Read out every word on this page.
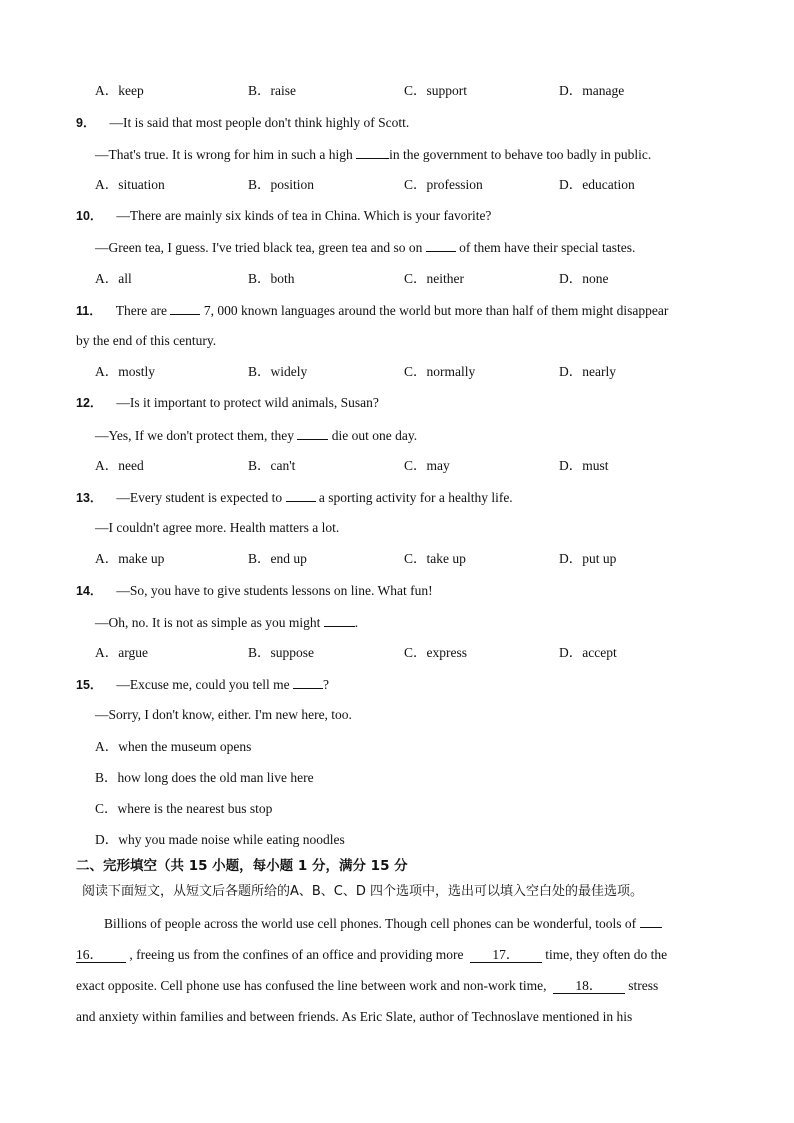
A．keep	B．raise	C．support	D．manage
9． —It is said that most people don't think highly of Scott.
—That's true. It is wrong for him in such a high in the government to behave too badly in public.
A．situation	B．position	C．profession	D．education
10． —There are mainly six kinds of tea in China. Which is your favorite?
—Green tea, I guess. I've tried black tea, green tea and so on  of them have their special tastes.
A．all	B．both	C．neither	D．none
11． There are  7, 000 known languages around the world but more than half of them might disappear
by the end of this century.
A．mostly	B．widely	C．normally	D．nearly
12． —Is it important to protect wild animals, Susan?
—Yes, If we don't protect them, they  die out one day.
A．need	B．can't	C．may	D．must
13． —Every student is expected to  a sporting activity for a healthy life.
—I couldn't agree more. Health matters a lot.
A．make up	B．end up	C．take up	D．put up
14． —So, you have to give students lessons on line. What fun!
—Oh, no. It is not as simple as you might .
A．argue	B．suppose	C．express	D．accept
15． —Excuse me, could you tell me ?
—Sorry, I don't know, either. I'm new here, too.
A．when the museum opens
B．how long does the old man live here
C．where is the nearest bus stop
D．why you made noise while eating noodles
二、完形填空（共 15 小题，每小题 1 分，满分 15 分
阅读下面短文，从短文后各题所给的A、B、C、D 四个选项中，选出可以填入空白处的最佳选项。
Billions of people across the world use cell phones. Though cell phones can be wonderful, tools of
16． , freeing us from the confines of an office and providing more 17． time, they often do the
exact opposite. Cell phone use has confused the line between work and non-work time, 18． stress
and anxiety within families and between friends. As Eric Slate, author of Technoslave mentioned in his
